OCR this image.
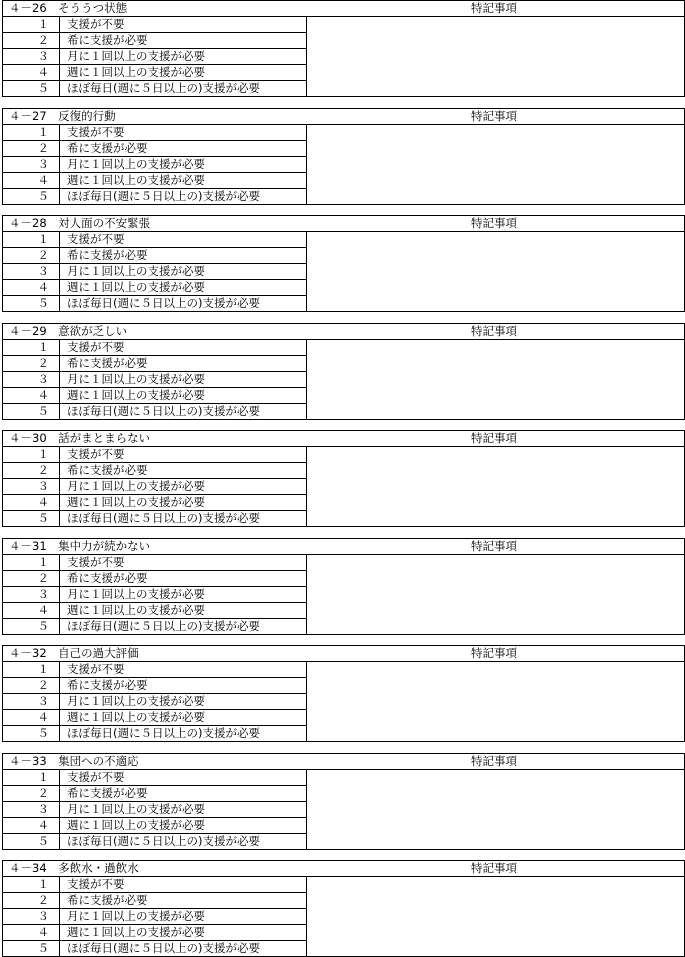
４－26　そううつ状態	特記事項
１	支援が不要
２	希に支援が必要
３	月に１回以上の支援が必要
４	週に１回以上の支援が必要
５	ほぼ毎日(週に５日以上の)支援が必要
４－27　反復的行動	特記事項
１	支援が不要
２	希に支援が必要
３	月に１回以上の支援が必要
４	週に１回以上の支援が必要
５	ほぼ毎日(週に５日以上の)支援が必要
４－28　対人面の不安緊張	特記事項
１	支援が不要
２	希に支援が必要
３	月に１回以上の支援が必要
４	週に１回以上の支援が必要
５	ほぼ毎日(週に５日以上の)支援が必要
４－29　意欲が乏しい	特記事項
１	支援が不要
２	希に支援が必要
３	月に１回以上の支援が必要
４	週に１回以上の支援が必要
５	ほぼ毎日(週に５日以上の)支援が必要
４－30　話がまとまらない	特記事項
１	支援が不要
２	希に支援が必要
３	月に１回以上の支援が必要
４	週に１回以上の支援が必要
５	ほぼ毎日(週に５日以上の)支援が必要
４－31　集中力が続かない	特記事項
１	支援が不要
２	希に支援が必要
３	月に１回以上の支援が必要
４	週に１回以上の支援が必要
５	ほぼ毎日(週に５日以上の)支援が必要
４－32　自己の過大評価	特記事項
１	支援が不要
２	希に支援が必要
３	月に１回以上の支援が必要
４	週に１回以上の支援が必要
５	ほぼ毎日(週に５日以上の)支援が必要
４－33　集団への不適応	特記事項
１	支援が不要
２	希に支援が必要
３	月に１回以上の支援が必要
４	週に１回以上の支援が必要
５	ほぼ毎日(週に５日以上の)支援が必要
４－34　多飲水・過飲水	特記事項
１	支援が不要
２	希に支援が必要
３	月に１回以上の支援が必要
４	週に１回以上の支援が必要
５	ほぼ毎日(週に５日以上の)支援が必要
